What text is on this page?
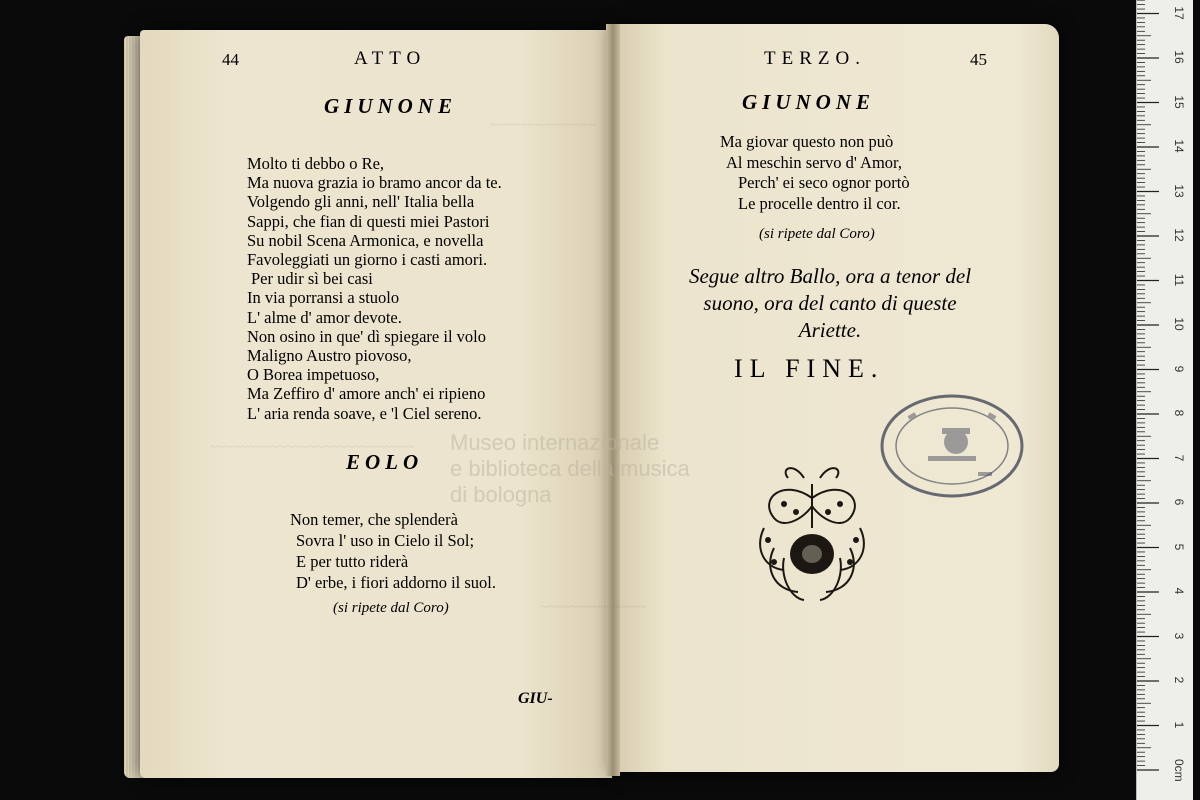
~~~~~~~~~~~~~~
~~~~~~~~~~~~~~~~~~~~~~~~~~~
~~~~~~~~~~~~~~
44	ATTO
GIUNONE
Molto ti debbo o Re,
Ma nuova grazia io bramo ancor da te.
Volgendo gli anni, nell' Italia bella
Sappi, che fian di questi miei Pastori
Su nobil Scena Armonica, e novella
Favoleggiati un giorno i casti amori.
Per udir sì bei casi
In via porransi a stuolo
L' alme d' amor devote.
Non osino in que' dì spiegare il volo
Maligno Austro piovoso,
O Borea impetuoso,
Ma Zeffiro d' amore anch' ei ripieno
L' aria renda soave, e 'l Ciel sereno.
EOLO
Non temer, che splenderà
Sovra l' uso in Cielo il Sol;
E per tutto riderà
D' erbe, i fiori addorno il suol.
(si ripete dal Coro)
GIU-
TERZO.	45
GIUNONE
Ma giovar questo non può
Al meschin servo d' Amor,
Perch' ei seco ognor portò
Le procelle dentro il cor.
(si ripete dal Coro)
Segue altro Ballo, ora a tenor del
suono, ora del canto di queste
Ariette.
IL FINE.
Museo internazionale
e biblioteca della musica
di bologna
0cm
1
2
3
4
5
6
7
8
9
10
11
12
13
14
15
16
17
